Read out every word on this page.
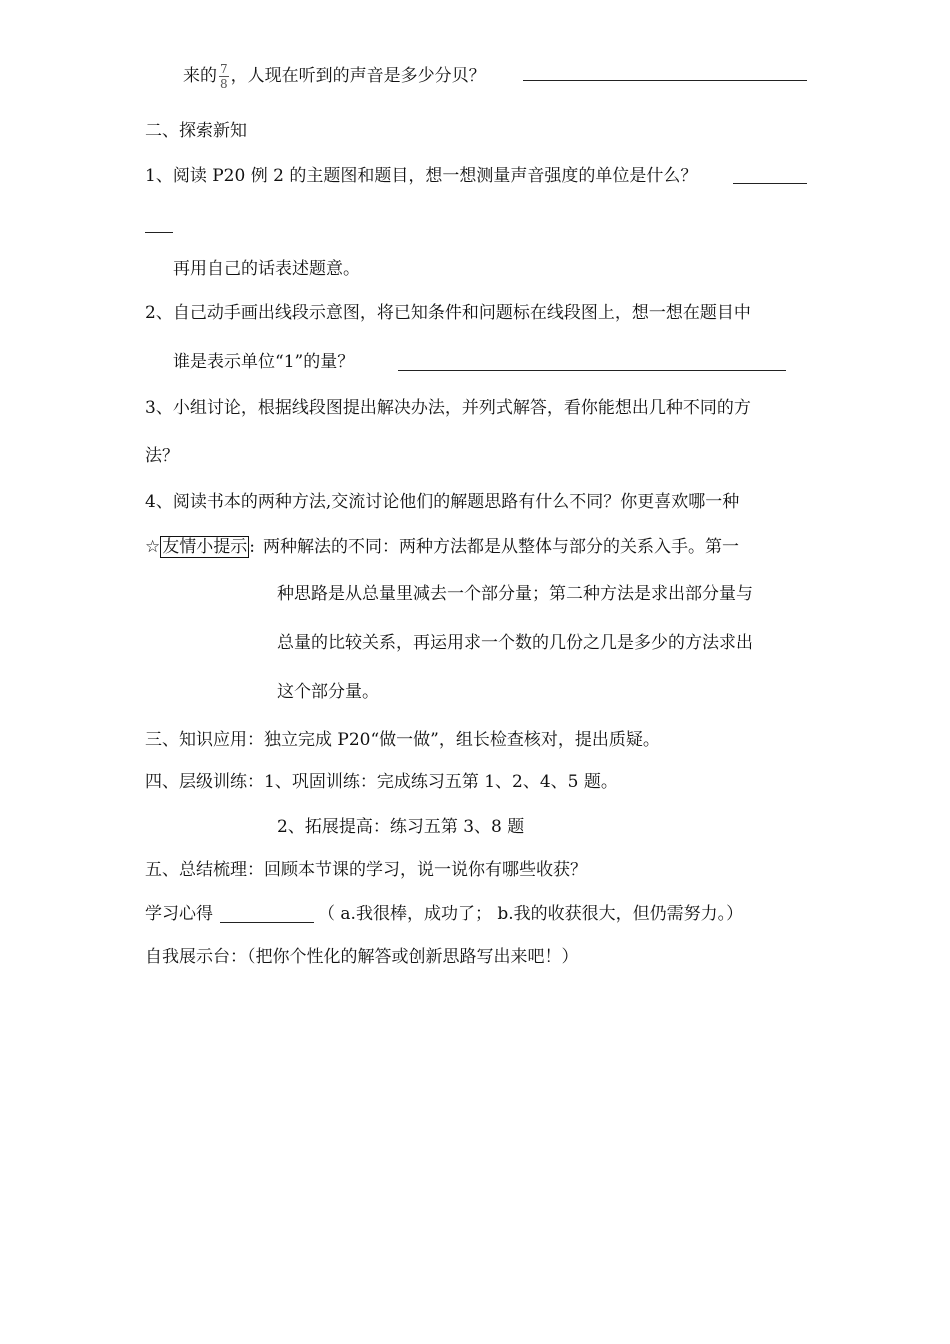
来的 $\frac{7}{8}$ ，人现在听到的声音是多少分贝？
二、探索新知
1、阅读 P20 例 2 的主题图和题目，想一想测量声音强度的单位是什么？
再用自己的话表述题意。
2、自己动手画出线段示意图，将已知条件和问题标在线段图上，想一想在题目中
谁是表示单位“1”的量？
3、小组讨论，根据线段图提出解决办法，并列式解答，看你能想出几种不同的方
法？
4、阅读书本的两种方法,交流讨论他们的解题思路有什么不同？你更喜欢哪一种
☆ 友情小提示 : 两种解法的不同：两种方法都是从整体与部分的关系入手。第一
种思路是从总量里减去一个部分量；第二种方法是求出部分量与
总量的比较关系，再运用求一个数的几份之几是多少的方法求出
这个部分量。
三、知识应用：独立完成 P20“做一做”，组长检查核对，提出质疑。
四、层级训练：1、巩固训练：完成练习五第 1、2、4、5 题。
2、拓展提高：练习五第 3、8 题
五、总结梳理：回顾本节课的学习，说一说你有哪些收获？
学习心得	（ a.我很棒，成功了； b.我的收获很大，但仍需努力。）
自我展示台：（把你个性化的解答或创新思路写出来吧！）
